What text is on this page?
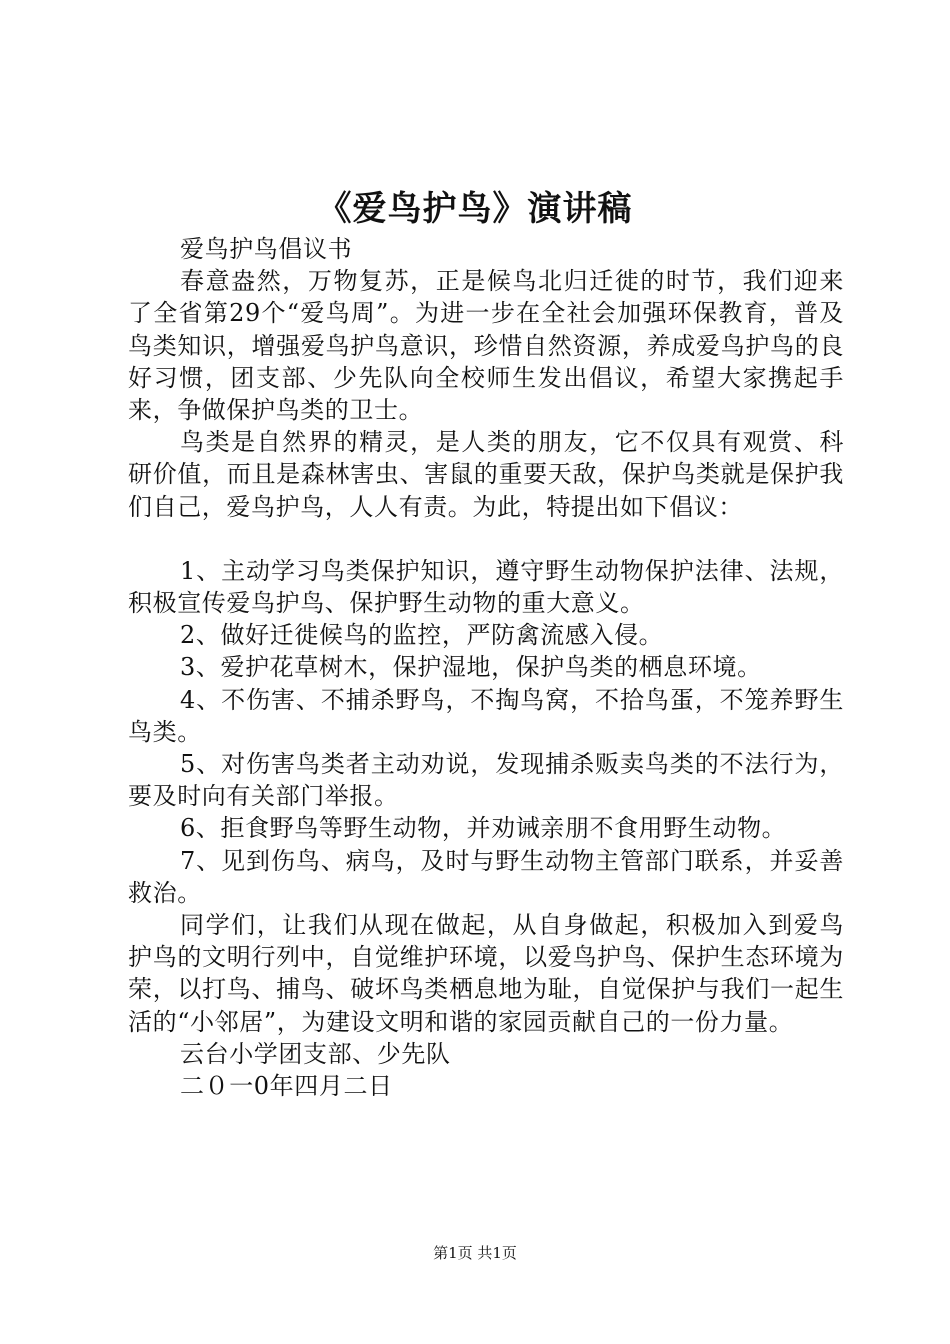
《爱鸟护鸟》演讲稿

爱鸟护鸟倡议书

春意盎然，万物复苏，正是候鸟北归迁徙的时节，我们迎来了全省第29个“爱鸟周”。为进一步在全社会加强环保教育，普及鸟类知识，增强爱鸟护鸟意识，珍惜自然资源，养成爱鸟护鸟的良好习惯，团支部、少先队向全校师生发出倡议，希望大家携起手来，争做保护鸟类的卫士。

鸟类是自然界的精灵，是人类的朋友，它不仅具有观赏、科研价值，而且是森林害虫、害鼠的重要天敌，保护鸟类就是保护我们自己，爱鸟护鸟，人人有责。为此，特提出如下倡议：

1、主动学习鸟类保护知识，遵守野生动物保护法律、法规，积极宣传爱鸟护鸟、保护野生动物的重大意义。

2、做好迁徙候鸟的监控，严防禽流感入侵。

3、爱护花草树木，保护湿地，保护鸟类的栖息环境。

4、不伤害、不捕杀野鸟，不掏鸟窝，不拾鸟蛋，不笼养野生鸟类。

5、对伤害鸟类者主动劝说，发现捕杀贩卖鸟类的不法行为，要及时向有关部门举报。

6、拒食野鸟等野生动物，并劝诫亲朋不食用野生动物。

7、见到伤鸟、病鸟，及时与野生动物主管部门联系，并妥善救治。

同学们，让我们从现在做起，从自身做起，积极加入到爱鸟护鸟的文明行列中，自觉维护环境，以爱鸟护鸟、保护生态环境为荣，以打鸟、捕鸟、破坏鸟类栖息地为耻，自觉保护与我们一起生活的“小邻居”，为建设文明和谐的家园贡献自己的一份力量。

云台小学团支部、少先队

二０一0年四月二日

第1页 共1页
